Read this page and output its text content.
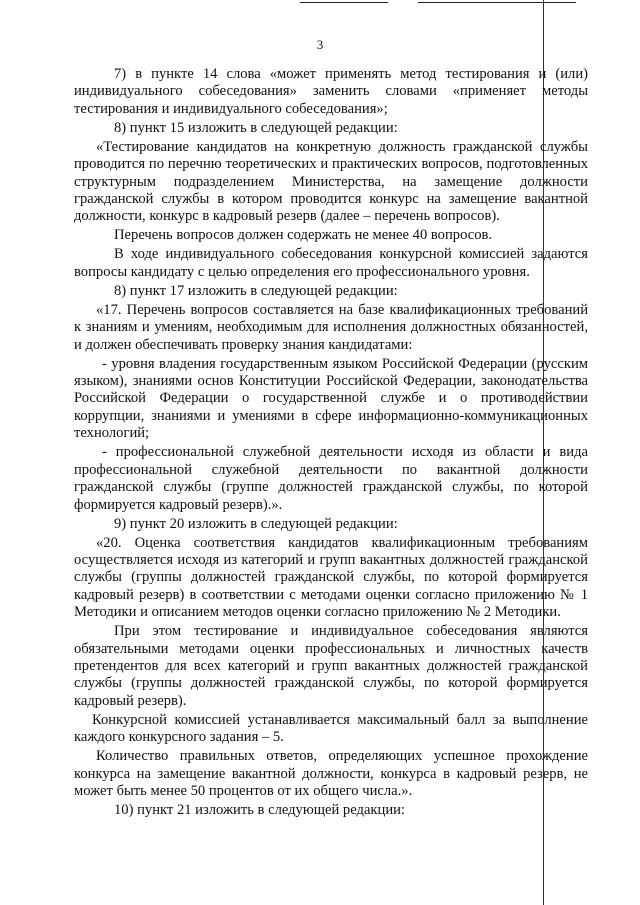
3

7) в пункте 14 слова «может применять метод тестирования и (или) индивидуального собеседования» заменить словами «применяет методы тестирования и индивидуального собеседования»;

8) пункт 15 изложить в следующей редакции:

«Тестирование кандидатов на конкретную должность гражданской службы проводится по перечню теоретических и практических вопросов, подготовленных структурным подразделением Министерства, на замещение должности гражданской службы в котором проводится конкурс на замещение вакантной должности, конкурс в кадровый резерв (далее – перечень вопросов).

Перечень вопросов должен содержать не менее 40 вопросов.

В ходе индивидуального собеседования конкурсной комиссией задаются вопросы кандидату с целью определения его профессионального уровня.

8) пункт 17 изложить в следующей редакции:

«17. Перечень вопросов составляется на базе квалификационных требований к знаниям и умениям, необходимым для исполнения должностных обязанностей, и должен обеспечивать проверку знания кандидатами:

- уровня владения государственным языком Российской Федерации (русским языком), знаниями основ Конституции Российской Федерации, законодательства Российской Федерации о государственной службе и о противодействии коррупции, знаниями и умениями в сфере информационно-коммуникационных технологий;

- профессиональной служебной деятельности исходя из области и вида профессиональной служебной деятельности по вакантной должности гражданской службы (группе должностей гражданской службы, по которой формируется кадровый резерв).».

9) пункт 20 изложить в следующей редакции:

«20. Оценка соответствия кандидатов квалификационным требованиям осуществляется исходя из категорий и групп вакантных должностей гражданской службы (группы должностей гражданской службы, по которой формируется кадровый резерв) в соответствии с методами оценки согласно приложению № 1 Методики и описанием методов оценки согласно приложению № 2 Методики.

При этом тестирование и индивидуальное собеседования являются обязательными методами оценки профессиональных и личностных качеств претендентов для всех категорий и групп вакантных должностей гражданской службы (группы должностей гражданской службы, по которой формируется кадровый резерв).

Конкурсной комиссией устанавливается максимальный балл за выполнение каждого конкурсного задания – 5.

Количество правильных ответов, определяющих успешное прохождение конкурса на замещение вакантной должности, конкурса в кадровый резерв, не может быть менее 50 процентов от их общего числа.».

10) пункт 21 изложить в следующей редакции:
